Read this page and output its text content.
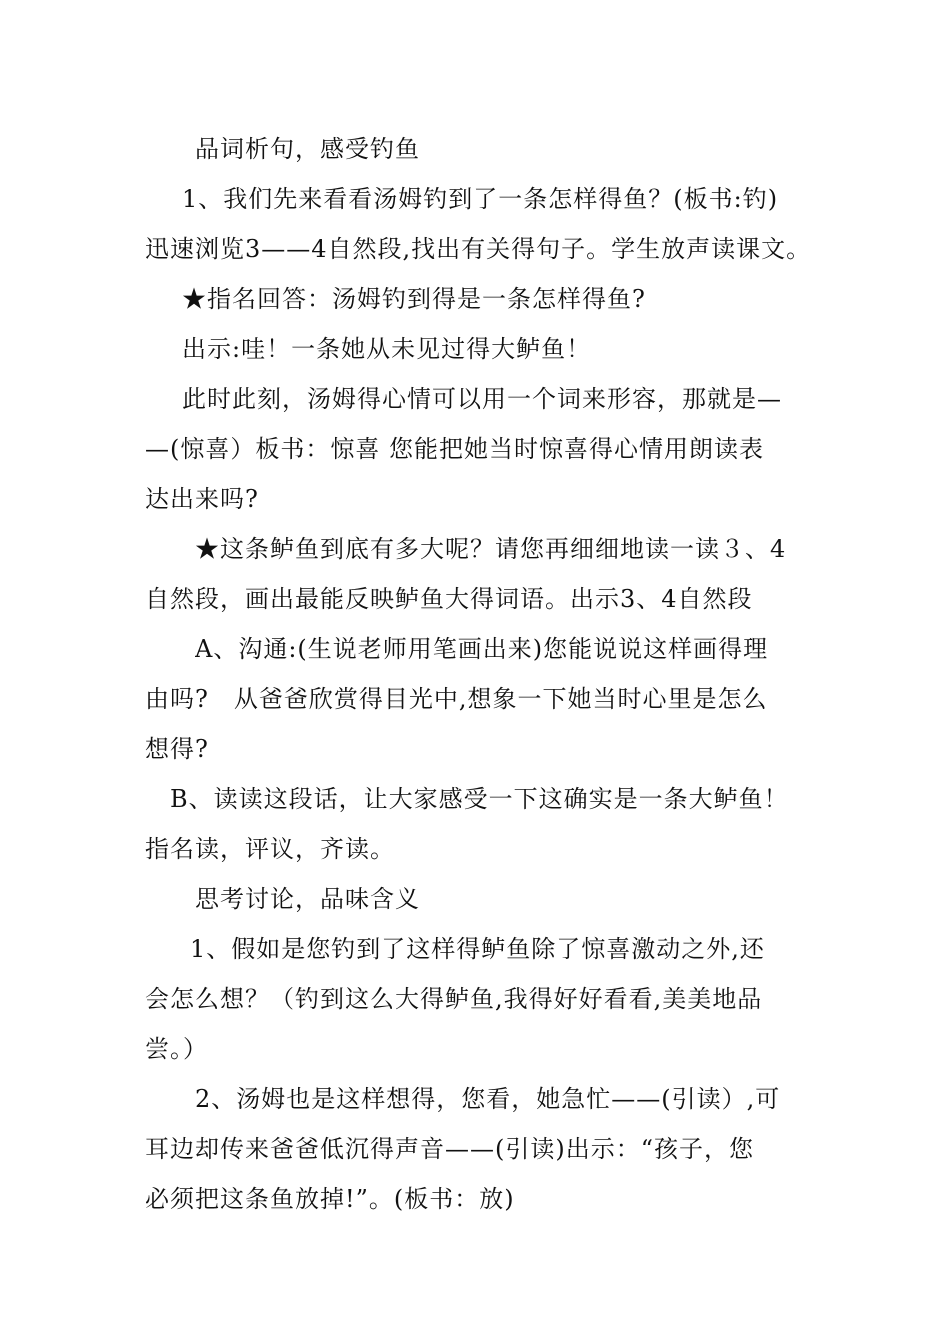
品词析句，感受钓鱼
1、我们先来看看汤姆钓到了一条怎样得鱼？(板书:钓)
迅速浏览3——4自然段,找出有关得句子。学生放声读课文。
★指名回答：汤姆钓到得是一条怎样得鱼?
出示:哇！一条她从未见过得大鲈鱼！
此时此刻，汤姆得心情可以用一个词来形容，那就是—
—(惊喜）板书：惊喜 您能把她当时惊喜得心情用朗读表
达出来吗?
★这条鲈鱼到底有多大呢？请您再细细地读一读３、4
自然段，画出最能反映鲈鱼大得词语。出示3、4自然段
A、沟通:(生说老师用笔画出来)您能说说这样画得理
由吗?　从爸爸欣赏得目光中,想象一下她当时心里是怎么
想得?
B、读读这段话，让大家感受一下这确实是一条大鲈鱼！
指名读，评议，齐读。
思考讨论，品味含义
1、假如是您钓到了这样得鲈鱼除了惊喜激动之外,还
会怎么想？（钓到这么大得鲈鱼,我得好好看看,美美地品
尝。）
2、汤姆也是这样想得，您看，她急忙——(引读）,可
耳边却传来爸爸低沉得声音——(引读)出示：“孩子，您
必须把这条鱼放掉!”。(板书：放)
